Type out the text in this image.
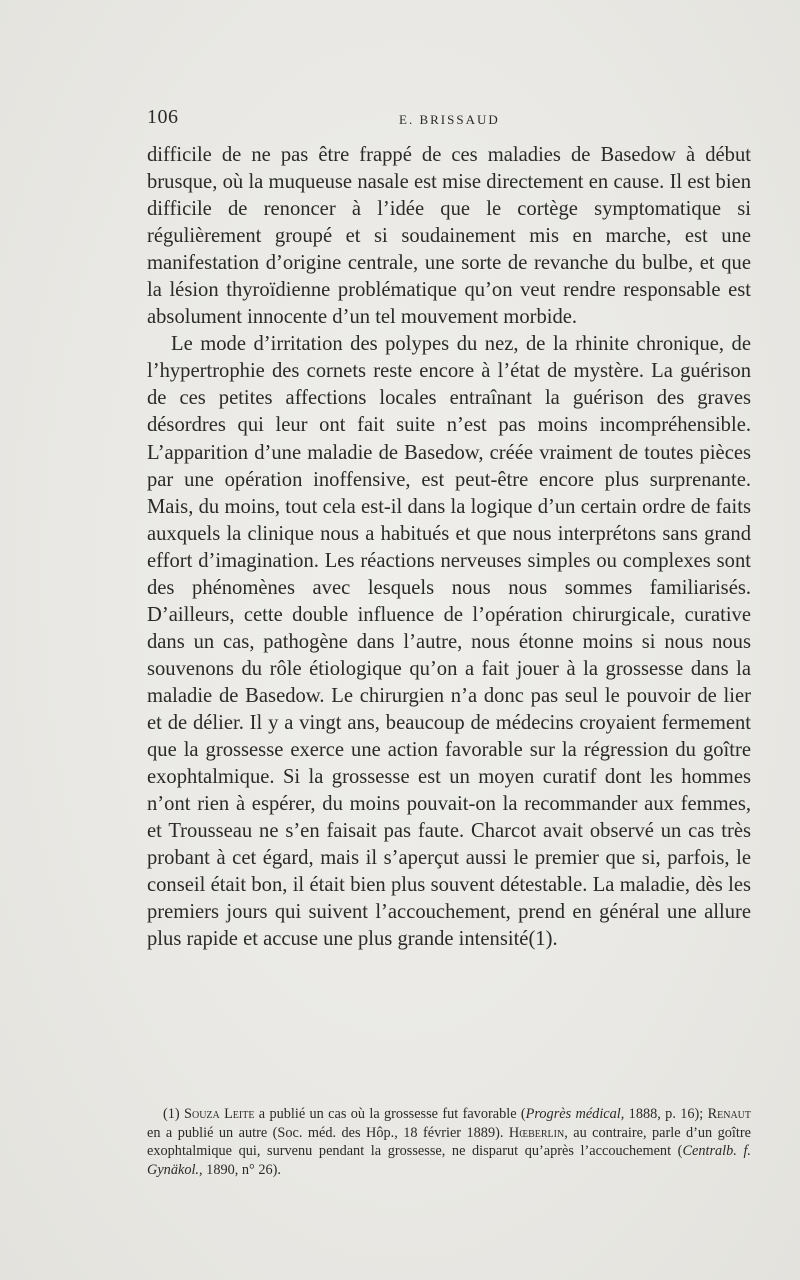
106	E. BRISSAUD

difficile de ne pas être frappé de ces maladies de Basedow à début brusque, où la muqueuse nasale est mise directement en cause. Il est bien difficile de renoncer à l’idée que le cortège symptomatique si régulièrement groupé et si soudainement mis en marche, est une manifestation d’origine centrale, une sorte de revanche du bulbe, et que la lésion thyroïdienne problématique qu’on veut rendre responsable est absolument innocente d’un tel mouvement morbide.

Le mode d’irritation des polypes du nez, de la rhinite chronique, de l’hypertrophie des cornets reste encore à l’état de mystère. La guérison de ces petites affections locales entraînant la guérison des graves désordres qui leur ont fait suite n’est pas moins incompréhensible. L’apparition d’une maladie de Basedow, créée vraiment de toutes pièces par une opération inoffensive, est peut-être encore plus surprenante. Mais, du moins, tout cela est-il dans la logique d’un certain ordre de faits auxquels la clinique nous a habitués et que nous interprétons sans grand effort d’imagination. Les réactions nerveuses simples ou complexes sont des phénomènes avec lesquels nous nous sommes familiarisés. D’ailleurs, cette double influence de l’opération chirurgicale, curative dans un cas, pathogène dans l’autre, nous étonne moins si nous nous souvenons du rôle étiologique qu’on a fait jouer à la grossesse dans la maladie de Basedow. Le chirurgien n’a donc pas seul le pouvoir de lier et de délier. Il y a vingt ans, beaucoup de médecins croyaient fermement que la grossesse exerce une action favorable sur la régression du goître exophtalmique. Si la grossesse est un moyen curatif dont les hommes n’ont rien à espérer, du moins pouvait-on la recommander aux femmes, et Trousseau ne s’en faisait pas faute. Charcot avait observé un cas très probant à cet égard, mais il s’aperçut aussi le premier que si, parfois, le conseil était bon, il était bien plus souvent détestable. La maladie, dès les premiers jours qui suivent l’accouchement, prend en général une allure plus rapide et accuse une plus grande intensité(1).

(1) Souza Leite a publié un cas où la grossesse fut favorable (Progrès médical, 1888, p. 16); Renaut en a publié un autre (Soc. méd. des Hôp., 18 février 1889). Hœberlin, au contraire, parle d’un goître exophtalmique qui, survenu pendant la grossesse, ne disparut qu’après l’accouchement (Centralb. f. Gynäkol., 1890, n° 26).
